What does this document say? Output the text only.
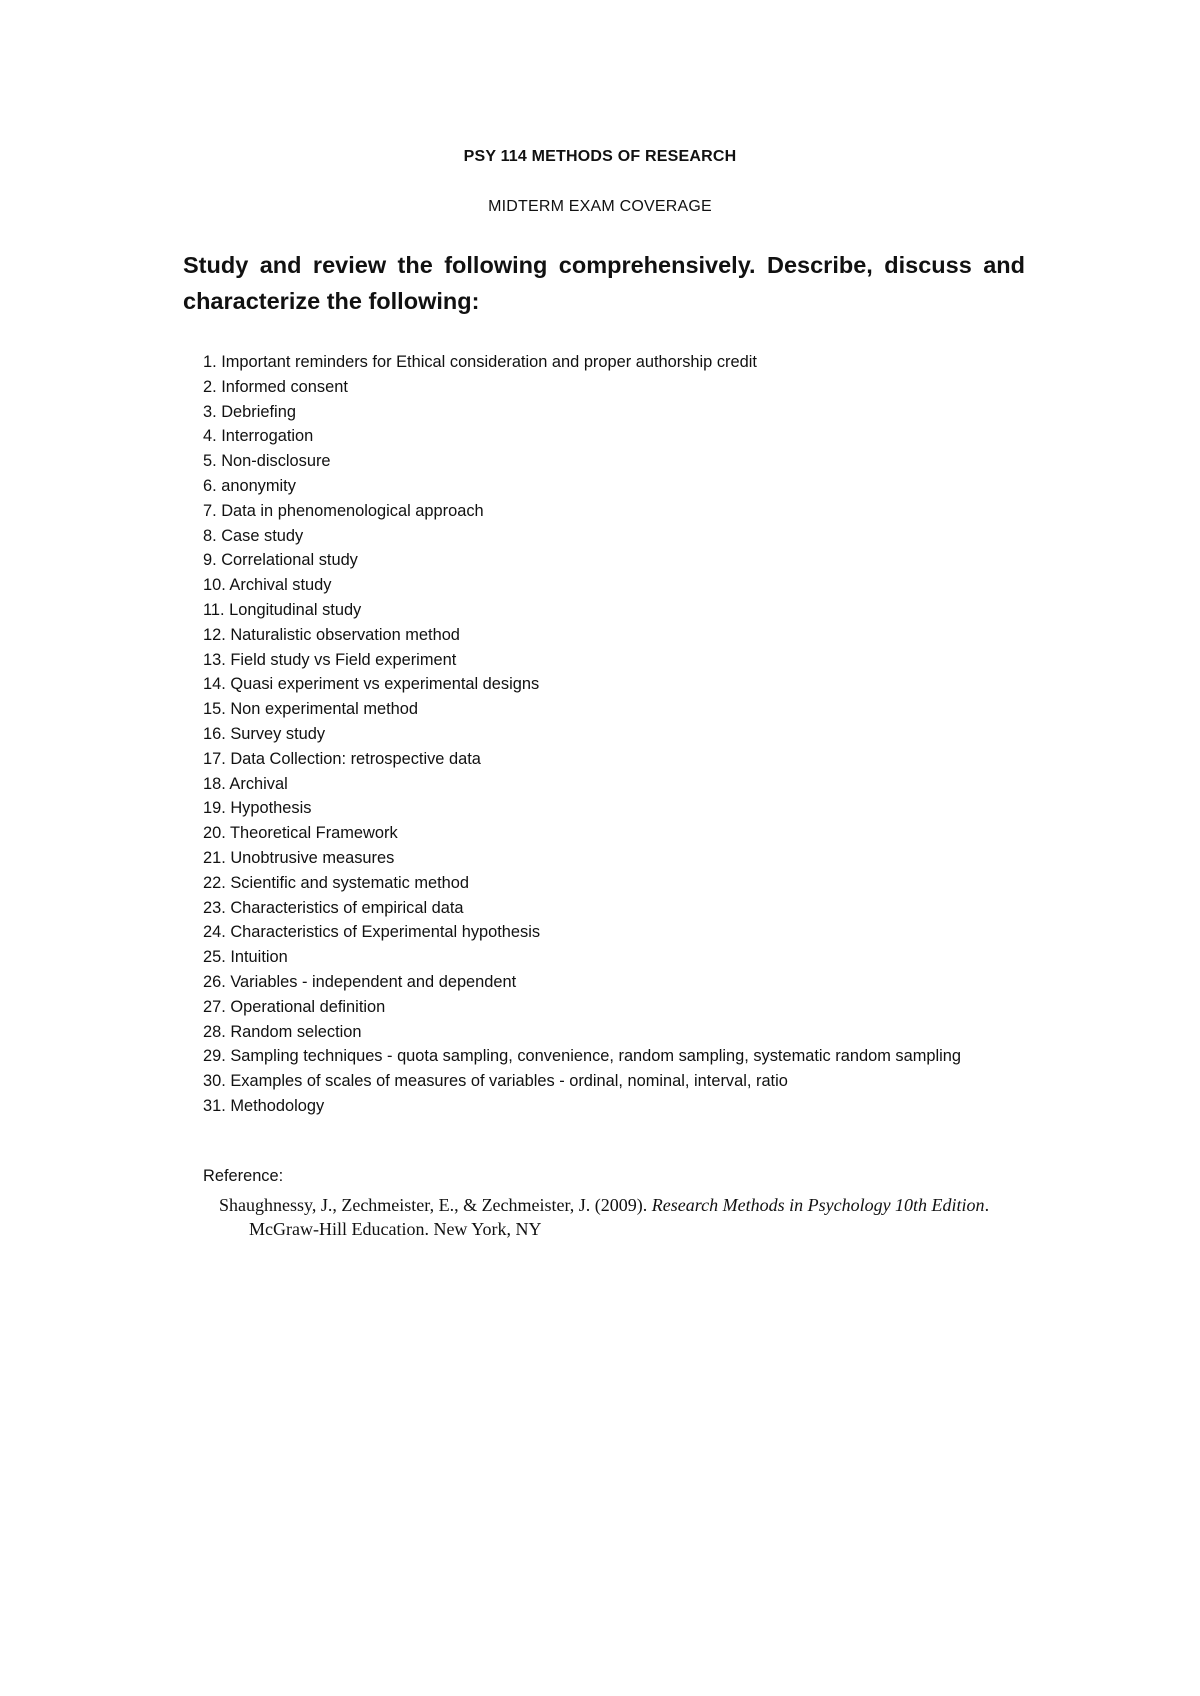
PSY 114 METHODS OF RESEARCH
MIDTERM EXAM COVERAGE
Study and review the following comprehensively. Describe, discuss and characterize the following:
1. Important reminders for Ethical consideration and proper authorship credit
2. Informed consent
3. Debriefing
4. Interrogation
5. Non-disclosure
6. anonymity
7. Data in phenomenological approach
8. Case study
9. Correlational study
10. Archival study
11. Longitudinal study
12. Naturalistic observation method
13. Field study vs Field experiment
14. Quasi experiment vs experimental designs
15. Non experimental method
16. Survey study
17. Data Collection: retrospective data
18. Archival
19. Hypothesis
20. Theoretical Framework
21. Unobtrusive measures
22. Scientific and systematic method
23. Characteristics of empirical data
24. Characteristics of Experimental hypothesis
25. Intuition
26. Variables - independent and dependent
27. Operational definition
28. Random selection
29. Sampling techniques - quota sampling, convenience, random sampling, systematic random sampling
30. Examples of scales of measures of variables - ordinal, nominal, interval, ratio
31. Methodology
Reference:
Shaughnessy, J., Zechmeister, E., & Zechmeister, J. (2009). Research Methods in Psychology 10th Edition. McGraw-Hill Education. New York, NY
